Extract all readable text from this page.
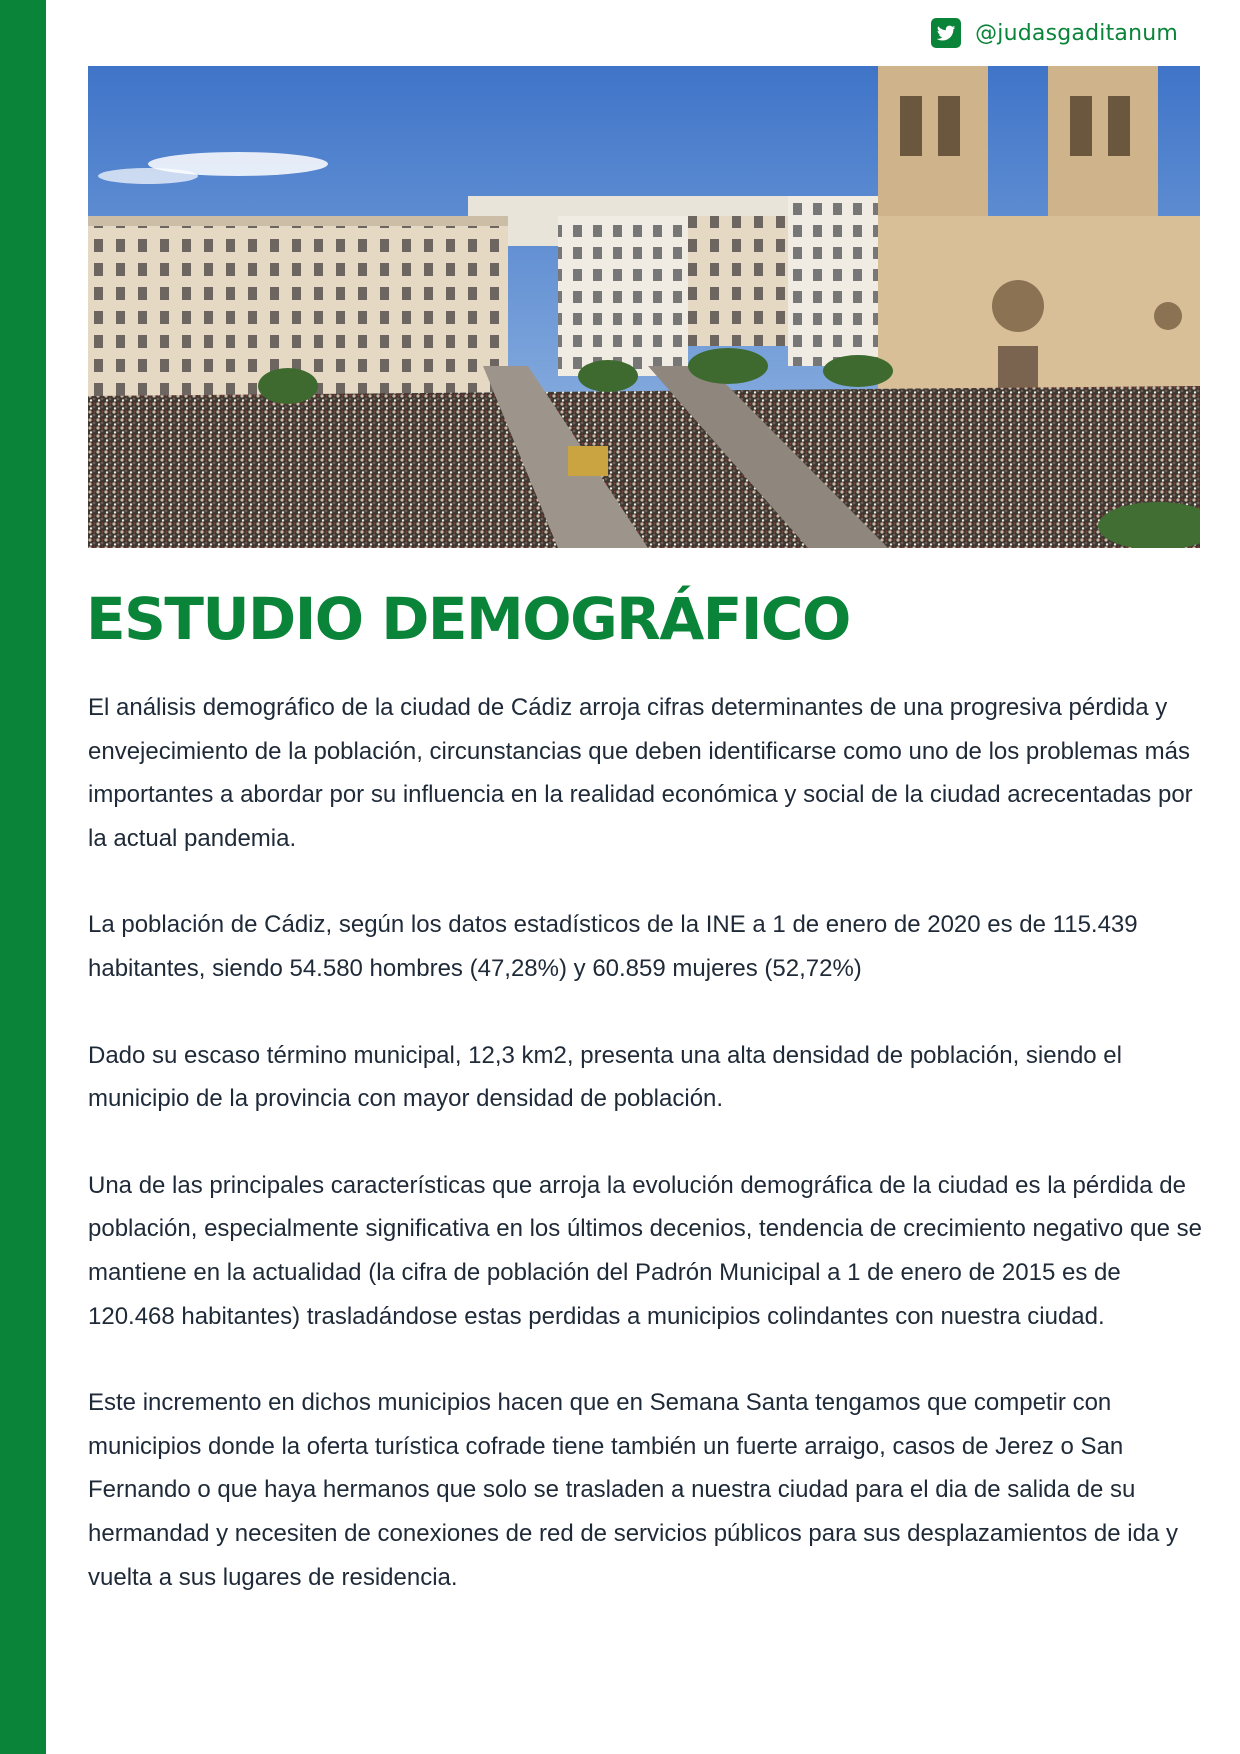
@judasgaditanum
ESTUDIO DEMOGRÁFICO

El análisis demográfico de la ciudad de Cádiz arroja cifras determinantes de una progresiva pérdida y envejecimiento de la población, circunstancias que deben identificarse como uno de los problemas más importantes a abordar por su influencia en la realidad económica y social de la ciudad acrecentadas por la actual pandemia.

La población de Cádiz, según los datos estadísticos de la INE a 1 de enero de 2020 es de 115.439 habitantes, siendo 54.580 hombres (47,28%) y 60.859 mujeres (52,72%)

Dado su escaso término municipal, 12,3 km2, presenta una alta densidad de población, siendo el municipio de la provincia con mayor densidad de población.

Una de las principales características que arroja la evolución demográfica de la ciudad es la pérdida de población, especialmente significativa en los últimos decenios, tendencia de crecimiento negativo que se mantiene en la actualidad (la cifra de población del Padrón Municipal a 1 de enero de 2015 es de 120.468 habitantes) trasladándose estas perdidas a municipios colindantes con nuestra ciudad.

Este incremento en dichos municipios hacen que en Semana Santa tengamos que competir con municipios donde la oferta turística cofrade tiene también un fuerte arraigo, casos de Jerez o San Fernando o que haya hermanos que solo se trasladen a nuestra ciudad para el dia de salida de su hermandad y necesiten de conexiones de red de servicios públicos para sus desplazamientos de ida y vuelta a sus lugares de residencia.
